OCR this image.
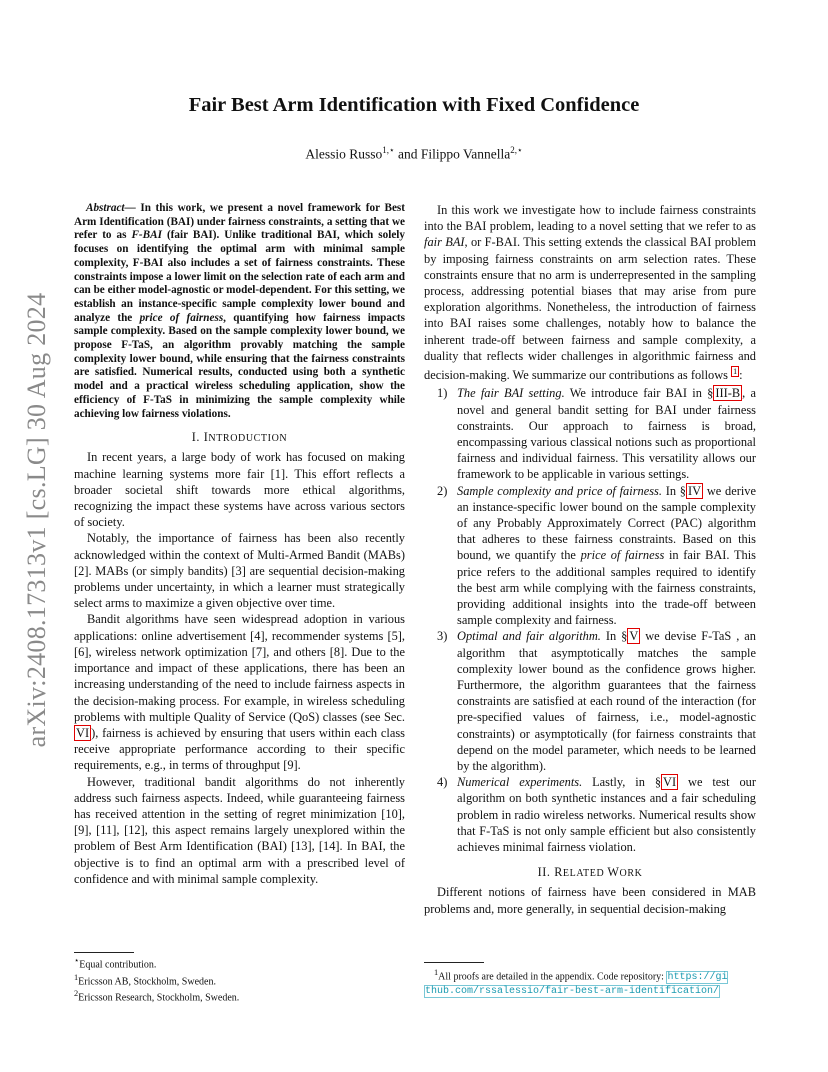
arXiv:2408.17313v1 [cs.LG] 30 Aug 2024
Fair Best Arm Identification with Fixed Confidence
Alessio Russo$^{1,⋆}$ and Filippo Vannella$^{2,⋆}$

Abstract— In this work, we present a novel framework for Best Arm Identification (BAI) under fairness constraints, a setting that we refer to as F-BAI (fair BAI). Unlike traditional BAI, which solely focuses on identifying the optimal arm with minimal sample complexity, F-BAI also includes a set of fairness constraints. These constraints impose a lower limit on the selection rate of each arm and can be either model-agnostic or model-dependent. For this setting, we establish an instance-specific sample complexity lower bound and analyze the price of fairness, quantifying how fairness impacts sample complexity. Based on the sample complexity lower bound, we propose F-TaS, an algorithm provably matching the sample complexity lower bound, while ensuring that the fairness constraints are satisfied. Numerical results, conducted using both a synthetic model and a practical wireless scheduling application, show the efficiency of F-TaS in minimizing the sample complexity while achieving low fairness violations.

I. INTRODUCTION

In recent years, a large body of work has focused on making machine learning systems more fair [1]. This effort reflects a broader societal shift towards more ethical algorithms, recognizing the impact these systems have across various sectors of society.

Notably, the importance of fairness has been also recently acknowledged within the context of Multi-Armed Bandit (MABs) [2]. MABs (or simply bandits) [3] are sequential decision-making problems under uncertainty, in which a learner must strategically select arms to maximize a given objective over time.

Bandit algorithms have seen widespread adoption in various applications: online advertisement [4], recommender systems [5], [6], wireless network optimization [7], and others [8]. Due to the importance and impact of these applications, there has been an increasing understanding of the need to include fairness aspects in the decision-making process. For example, in wireless scheduling problems with multiple Quality of Service (QoS) classes (see Sec. VI ), fairness is achieved by ensuring that users within each class receive appropriate performance according to their specific requirements, e.g., in terms of throughput [9].

However, traditional bandit algorithms do not inherently address such fairness aspects. Indeed, while guaranteeing fairness has received attention in the setting of regret minimization [10], [9], [11], [12], this aspect remains largely unexplored within the problem of Best Arm Identification (BAI) [13], [14]. In BAI, the objective is to find an optimal arm with a prescribed level of confidence and with minimal sample complexity.

In this work we investigate how to include fairness constraints into the BAI problem, leading to a novel setting that we refer to as fair BAI, or F-BAI. This setting extends the classical BAI problem by imposing fairness constraints on arm selection rates. These constraints ensure that no arm is underrepresented in the sampling process, addressing potential biases that may arise from pure exploration algorithms. Nonetheless, the introduction of fairness into BAI raises some challenges, notably how to balance the inherent trade-off between fairness and sample complexity, a duality that reflects wider challenges in algorithmic fairness and decision-making. We summarize our contributions as follows $^1$ :

1) The fair BAI setting. We introduce fair BAI in § III-B , a novel and general bandit setting for BAI under fairness constraints. Our approach to fairness is broad, encompassing various classical notions such as proportional fairness and individual fairness. This versatility allows our framework to be applicable in various settings.
2) Sample complexity and price of fairness. In § IV we derive an instance-specific lower bound on the sample complexity of any Probably Approximately Correct (PAC) algorithm that adheres to these fairness constraints. Based on this bound, we quantify the price of fairness in fair BAI. This price refers to the additional samples required to identify the best arm while complying with the fairness constraints, providing additional insights into the trade-off between sample complexity and fairness.
3) Optimal and fair algorithm. In § V we devise F-TaS , an algorithm that asymptotically matches the sample complexity lower bound as the confidence grows higher. Furthermore, the algorithm guarantees that the fairness constraints are satisfied at each round of the interaction (for pre-specified values of fairness, i.e., model-agnostic constraints) or asymptotically (for fairness constraints that depend on the model parameter, which needs to be learned by the algorithm).
4) Numerical experiments. Lastly, in § VI we test our algorithm on both synthetic instances and a fair scheduling problem in radio wireless networks. Numerical results show that F-TaS is not only sample efficient but also consistently achieves minimal fairness violation.
II. RELATED WORK

Different notions of fairness have been considered in MAB problems and, more generally, in sequential decision-making

⋆Equal contribution.
$^1$Ericsson AB, Stockholm, Sweden.
$^2$Ericsson Research, Stockholm, Sweden.
$^1$All proofs are detailed in the appendix. Code repository: https://gi
thub.com/rssalessio/fair-best-arm-identification/
